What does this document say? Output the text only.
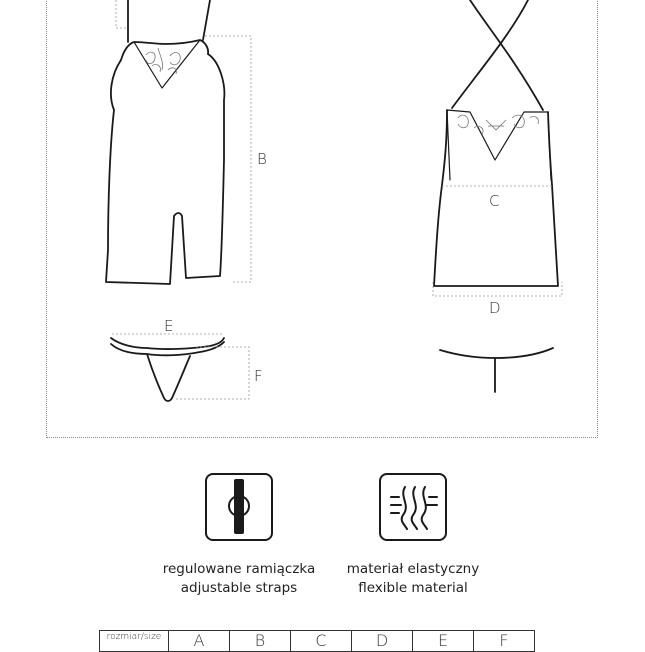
B
C
D
E
F
regulowane ramiączka
adjustable straps
materiał elastyczny
flexible material
rozmiar/size	A	B	C	D	E	F
